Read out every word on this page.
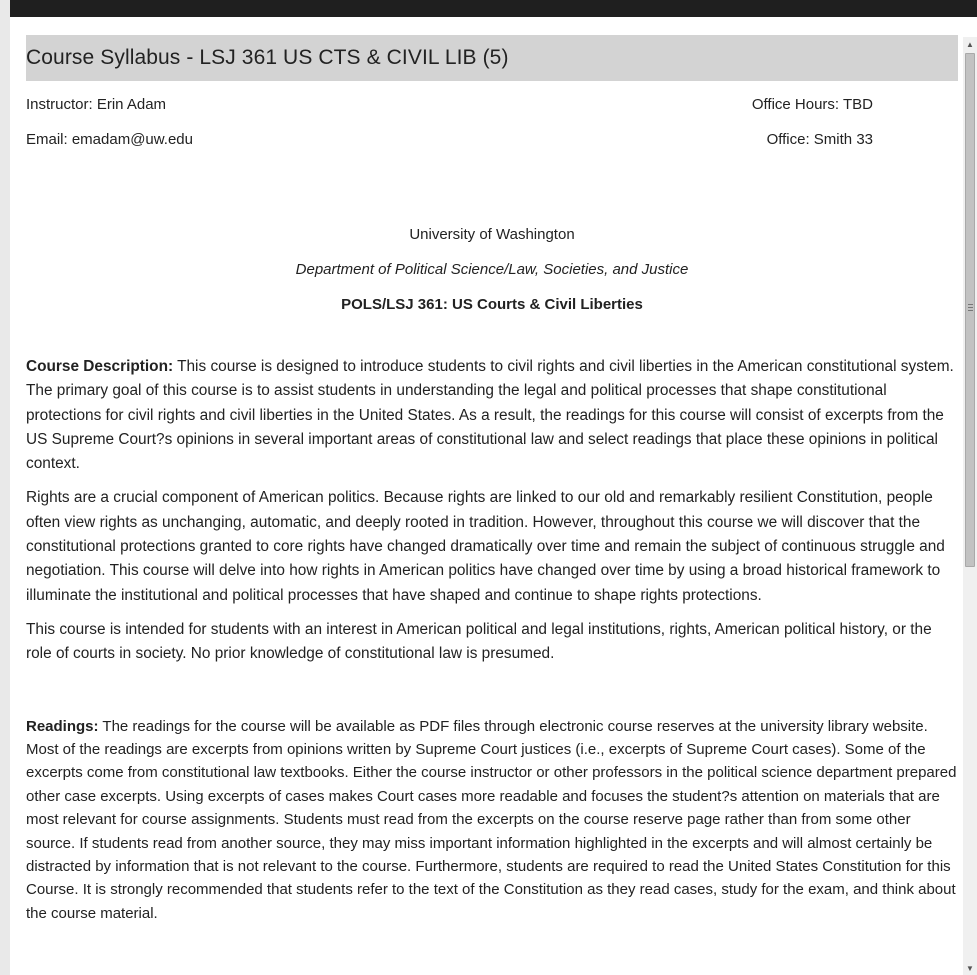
Course Syllabus - LSJ 361 US CTS & CIVIL LIB (5)
Instructor: Erin Adam	Office Hours: TBD
Email: emadam@uw.edu	Office: Smith 33
University of Washington
Department of Political Science/Law, Societies, and Justice
POLS/LSJ 361: US Courts & Civil Liberties

Course Description: This course is designed to introduce students to civil rights and civil liberties in the American constitutional system. The primary goal of this course is to assist students in understanding the legal and political processes that shape constitutional protections for civil rights and civil liberties in the United States. As a result, the readings for this course will consist of excerpts from the US Supreme Court?s opinions in several important areas of constitutional law and select readings that place these opinions in political context.

Rights are a crucial component of American politics. Because rights are linked to our old and remarkably resilient Constitution, people often view rights as unchanging, automatic, and deeply rooted in tradition. However, throughout this course we will discover that the constitutional protections granted to core rights have changed dramatically over time and remain the subject of continuous struggle and negotiation. This course will delve into how rights in American politics have changed over time by using a broad historical framework to illuminate the institutional and political processes that have shaped and continue to shape rights protections.

This course is intended for students with an interest in American political and legal institutions, rights, American political history, or the role of courts in society. No prior knowledge of constitutional law is presumed.

Readings: The readings for the course will be available as PDF files through electronic course reserves at the university library website. Most of the readings are excerpts from opinions written by Supreme Court justices (i.e., excerpts of Supreme Court cases). Some of the excerpts come from constitutional law textbooks. Either the course instructor or other professors in the political science department prepared other case excerpts. Using excerpts of cases makes Court cases more readable and focuses the student?s attention on materials that are most relevant for course assignments. Students must read from the excerpts on the course reserve page rather than from some other source. If students read from another source, they may miss important information highlighted in the excerpts and will almost certainly be distracted by information that is not relevant to the course. Furthermore, students are required to read the United States Constitution for this Course. It is strongly recommended that students refer to the text of the Constitution as they read cases, study for the exam, and think about the course material.

▲
▼
